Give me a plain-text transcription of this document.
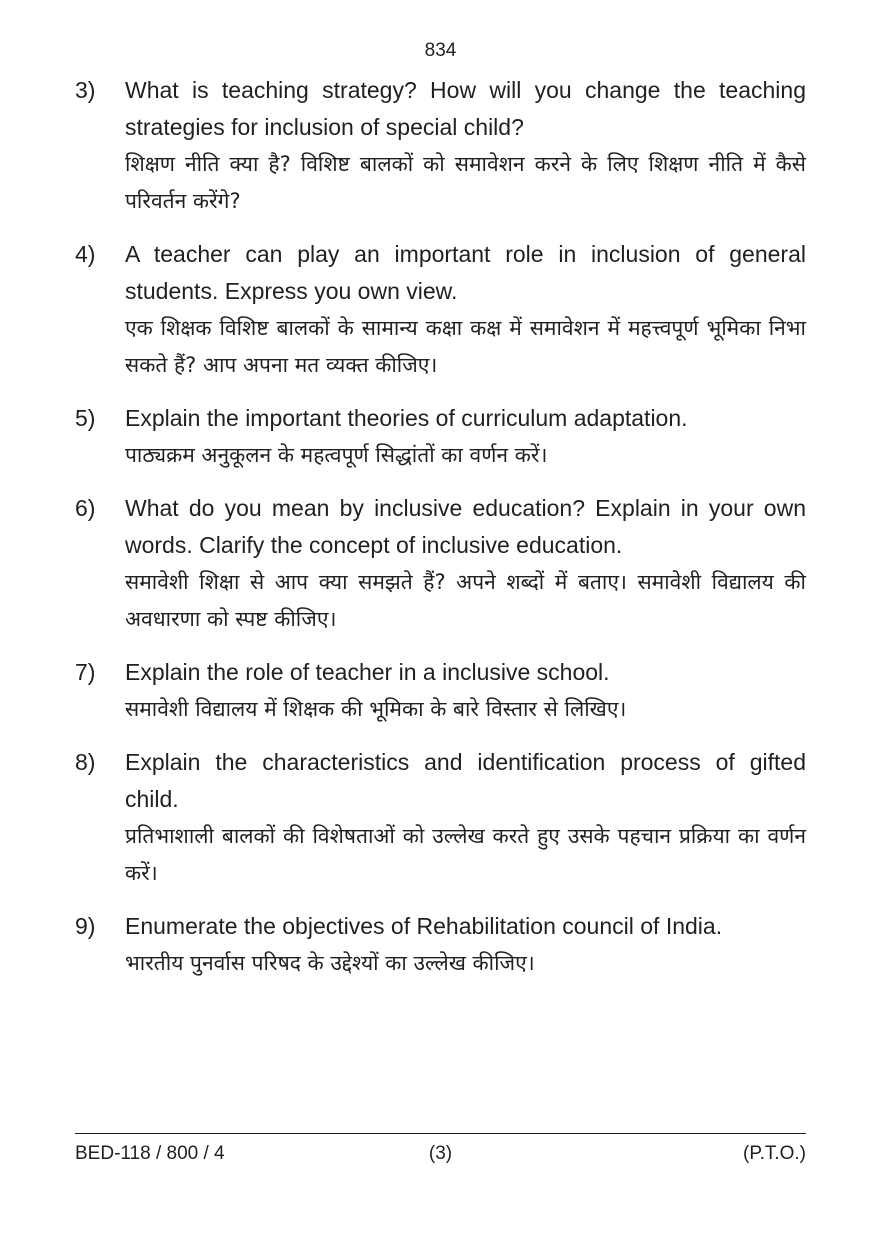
834
3)	What is teaching strategy? How will you change the teaching strategies for inclusion of special child?
शिक्षण नीति क्या है? विशिष्ट बालकों को समावेशन करने के लिए शिक्षण नीति में कैसे परिवर्तन करेंगे?
4)	A teacher can play an important role in inclusion of general students. Express you own view.
एक शिक्षक विशिष्ट बालकों के सामान्य कक्षा कक्ष में समावेशन में महत्त्वपूर्ण भूमिका निभा सकते हैं? आप अपना मत व्यक्त कीजिए।
5)	Explain the important theories of curriculum adaptation.
पाठ्यक्रम अनुकूलन के महत्वपूर्ण सिद्धांतों का वर्णन करें।
6)	What do you mean by inclusive education? Explain in your own words. Clarify the concept of inclusive education.
समावेशी शिक्षा से आप क्या समझते हैं? अपने शब्दों में बताए। समावेशी विद्यालय की अवधारणा को स्पष्ट कीजिए।
7)	Explain the role of teacher in a inclusive school.
समावेशी विद्यालय में शिक्षक की भूमिका के बारे विस्तार से लिखिए।
8)	Explain the characteristics and identification process of gifted child.
प्रतिभाशाली बालकों की विशेषताओं को उल्लेख करते हुए उसके पहचान प्रक्रिया का वर्णन करें।
9)	Enumerate the objectives of Rehabilitation council of India.
भारतीय पुनर्वास परिषद के उद्देश्यों का उल्लेख कीजिए।
BED-118 / 800 / 4	(3)	(P.T.O.)
